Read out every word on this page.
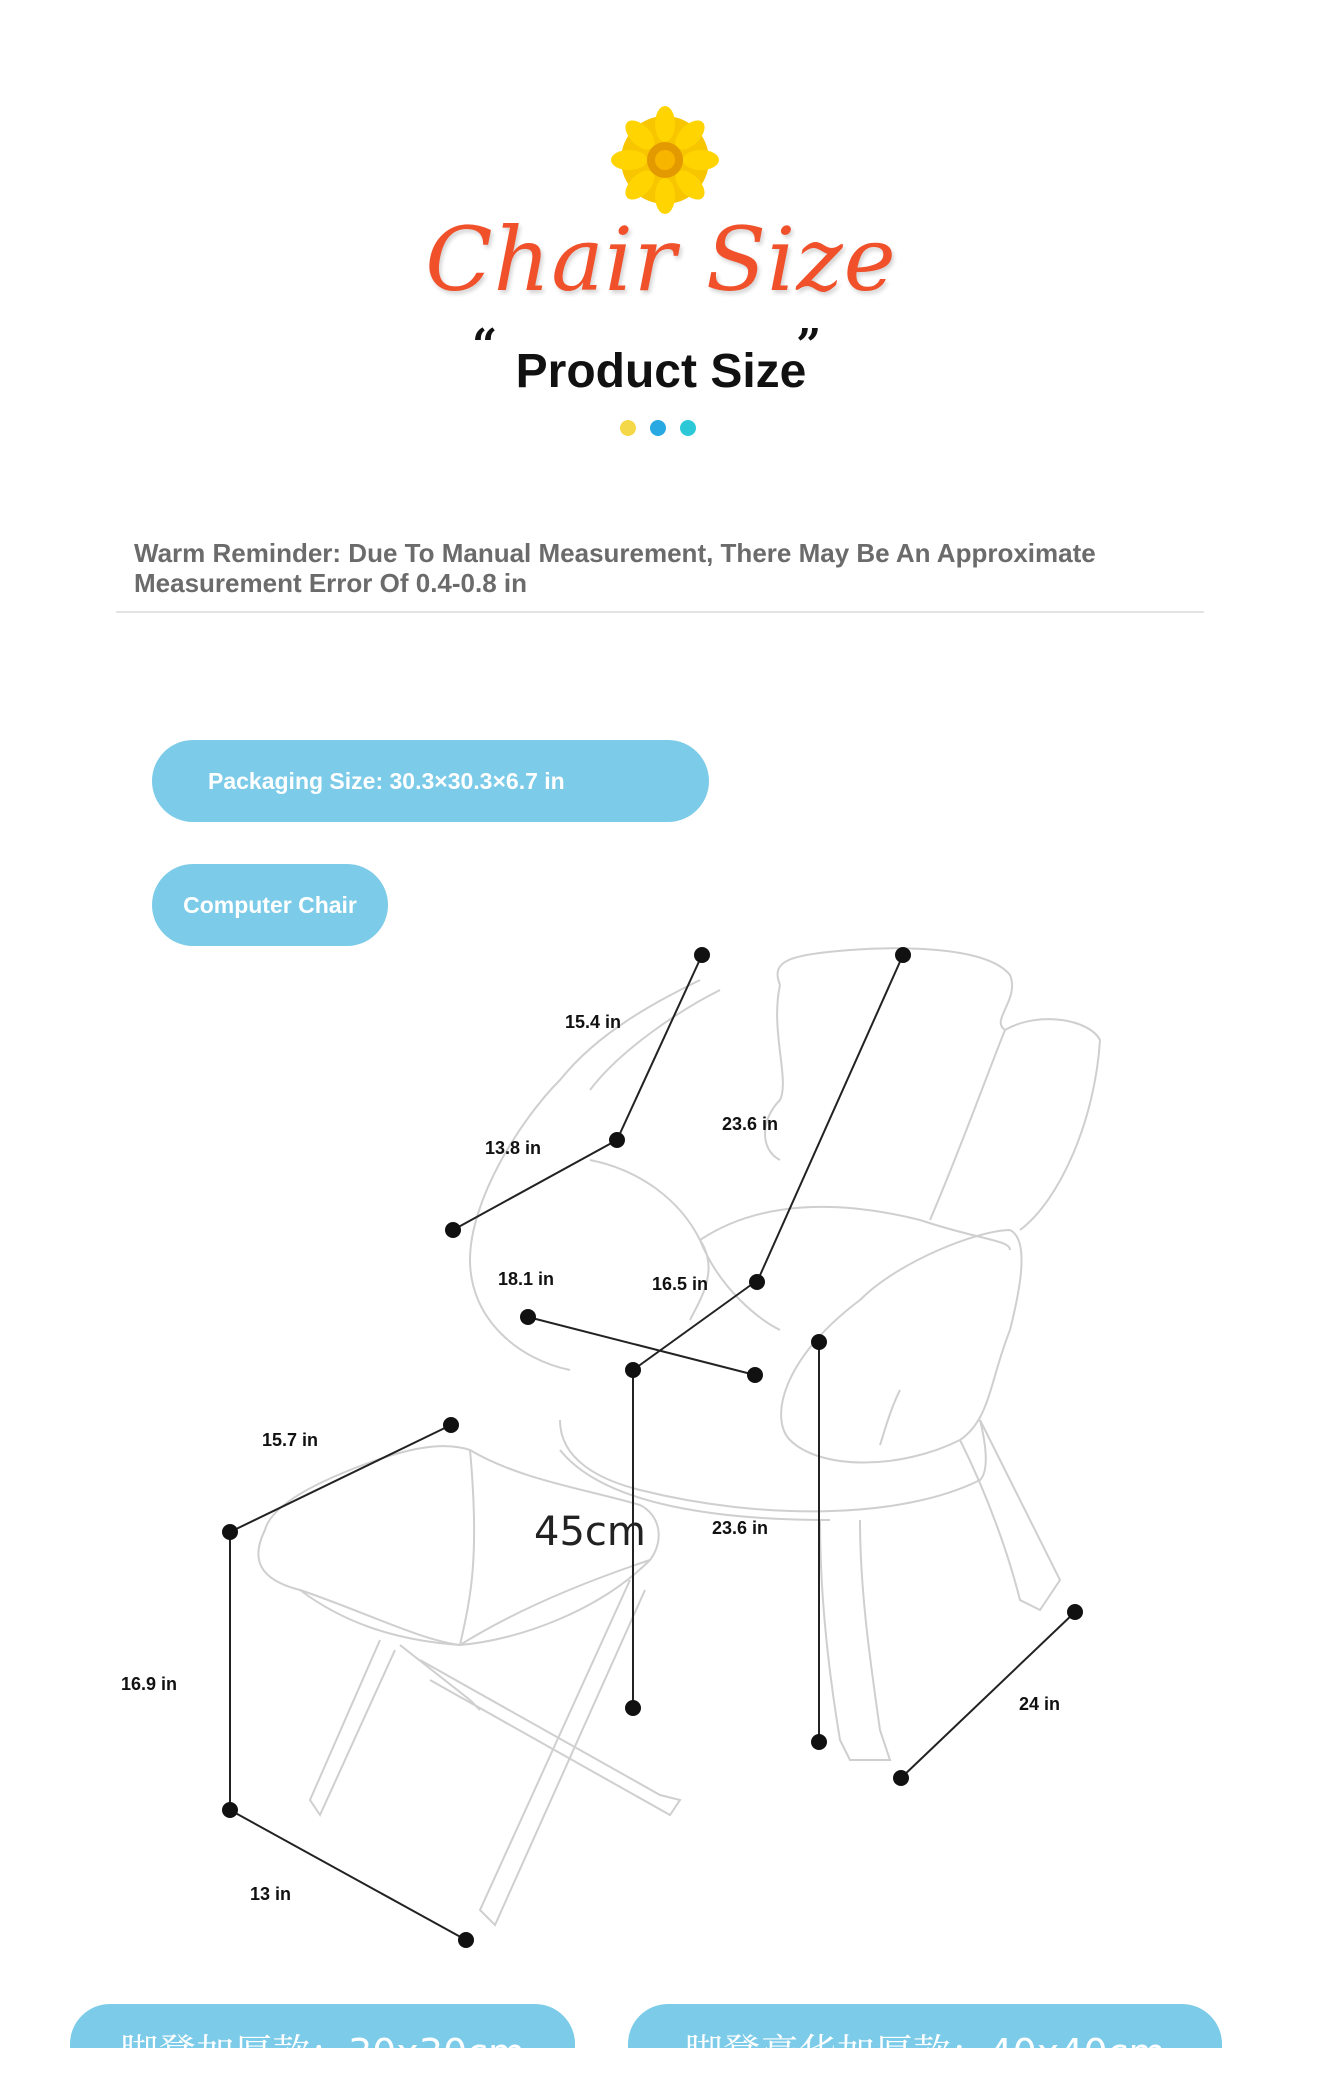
Chair Size
“	”
Product Size
Warm Reminder: Due To Manual Measurement, There May Be An Approximate Measurement Error Of 0.4-0.8 in
Packaging Size: 30.3×30.3×6.7 in
Computer Chair
15.4 in
23.6 in
13.8 in
18.1 in	16.5 in
15.7 in
45cm	23.6 in
16.9 in
24 in
13 in
脚凳加厚款：30x30cm	脚凳豪华加厚款：40x40cm
